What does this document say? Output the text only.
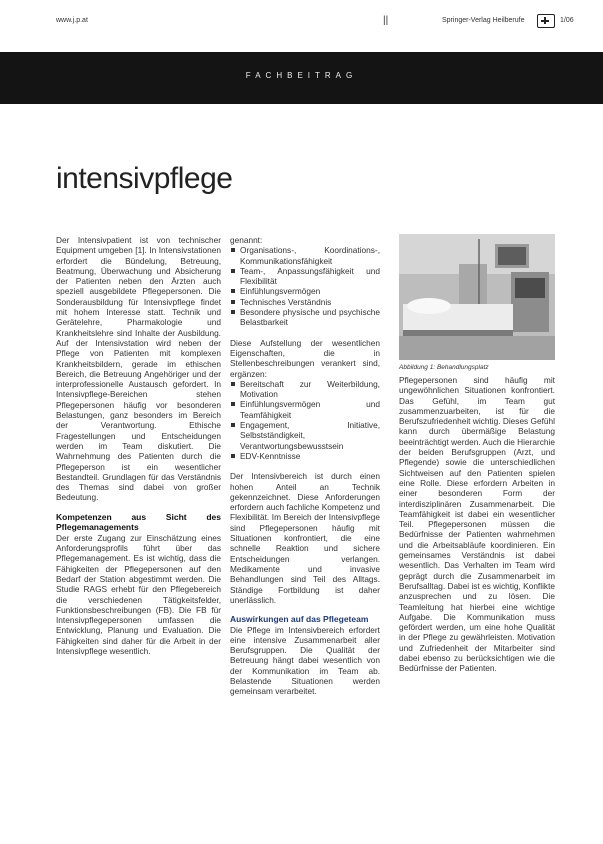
www.j.p.at	||	Springer-Verlag Heilberufe	1/06
FACHBEITRAG
intensivpflege

Der Intensivpatient ist von technischer Equipment umgeben [1]. In Intensivstationen erfordert die Bündelung, Betreuung, Beatmung, Überwachung und Absicherung der Patienten neben den Ärzten auch speziell ausgebildete Pflegepersonen. Die Sonderausbildung für Intensivpflege findet mit hohem Interesse statt. Technik und Gerätelehre, Pharmakologie und Krankheitslehre sind Inhalte der Ausbildung. Auf der Intensivstation wird neben der Pflege von Patienten mit komplexen Krankheitsbildern, gerade im ethischen Bereich, die Betreuung Angehöriger und der interprofessionelle Austausch gefordert. In Intensivpflege-Bereichen stehen Pflegepersonen häufig vor besonderen Belastungen, ganz besonders im Bereich der Verantwortung. Ethische Fragestellungen und Entscheidungen werden im Team diskutiert. Die Wahrnehmung des Patienten durch die Pflegeperson ist ein wesentlicher Bestandteil. Grundlagen für das Verständnis des Themas sind dabei von großer Bedeutung.

Kompetenzen aus Sicht des Pflegemanagements

Der erste Zugang zur Einschätzung eines Anforderungsprofils führt über das Pflegemanagement. Es ist wichtig, dass die Fähigkeiten der Pflegepersonen auf den Bedarf der Station abgestimmt werden. Die Studie RAGS erhebt für den Pflegebereich die verschiedenen Tätigkeitsfelder, Funktionsbeschreibungen (FB). Die FB für Intensivpflegepersonen umfassen die Entwicklung, Planung und Evaluation. Die Fähigkeiten sind daher für die Arbeit in der Intensivpflege wesentlich.

genannt:

Organisations-, Koordinations-, Kommunikationsfähigkeit
Team-, Anpassungsfähigkeit und Flexibilität
Einfühlungsvermögen
Technisches Verständnis
Besondere physische und psychische Belastbarkeit

Diese Aufstellung der wesentlichen Eigenschaften, die in Stellenbeschreibungen verankert sind, ergänzen:

Bereitschaft zur Weiterbildung, Motivation
Einfühlungsvermögen und Teamfähigkeit
Engagement, Initiative, Selbstständigkeit, Verantwortungsbewusstsein
EDV-Kenntnisse

Der Intensivbereich ist durch einen hohen Anteil an Technik gekennzeichnet. Diese Anforderungen erfordern auch fachliche Kompetenz und Flexibilität. Im Bereich der Intensivpflege sind Pflegepersonen häufig mit Situationen konfrontiert, die eine schnelle Reaktion und sichere Entscheidungen verlangen. Medikamente und invasive Behandlungen sind Teil des Alltags. Ständige Fortbildung ist daher unerlässlich.

Auswirkungen auf das Pflegeteam

Die Pflege im Intensivbereich erfordert eine intensive Zusammenarbeit aller Berufsgruppen. Die Qualität der Betreuung hängt dabei wesentlich von der Kommunikation im Team ab. Belastende Situationen werden gemeinsam verarbeitet.

Abbildung 1: Behandlungsplatz

Pflegepersonen sind häufig mit ungewöhnlichen Situationen konfrontiert. Das Gefühl, im Team gut zusammenzuarbeiten, ist für die Berufszufriedenheit wichtig. Dieses Gefühl kann durch übermäßige Belastung beeinträchtigt werden. Auch die Hierarchie der beiden Berufsgruppen (Arzt, und Pflegende) sowie die unterschiedlichen Sichtweisen auf den Patienten spielen eine Rolle. Diese erfordern Arbeiten in einer besonderen Form der interdisziplinären Zusammenarbeit. Die Teamfähigkeit ist dabei ein wesentlicher Teil. Pflegepersonen müssen die Bedürfnisse der Patienten wahrnehmen und die Arbeitsabläufe koordinieren. Ein gemeinsames Verständnis ist dabei wesentlich. Das Verhalten im Team wird geprägt durch die Zusammenarbeit im Berufsalltag. Dabei ist es wichtig, Konflikte anzusprechen und zu lösen. Die Teamleitung hat hierbei eine wichtige Aufgabe. Die Kommunikation muss gefördert werden, um eine hohe Qualität in der Pflege zu gewährleisten. Motivation und Zufriedenheit der Mitarbeiter sind dabei ebenso zu berücksichtigen wie die Bedürfnisse der Patienten.
